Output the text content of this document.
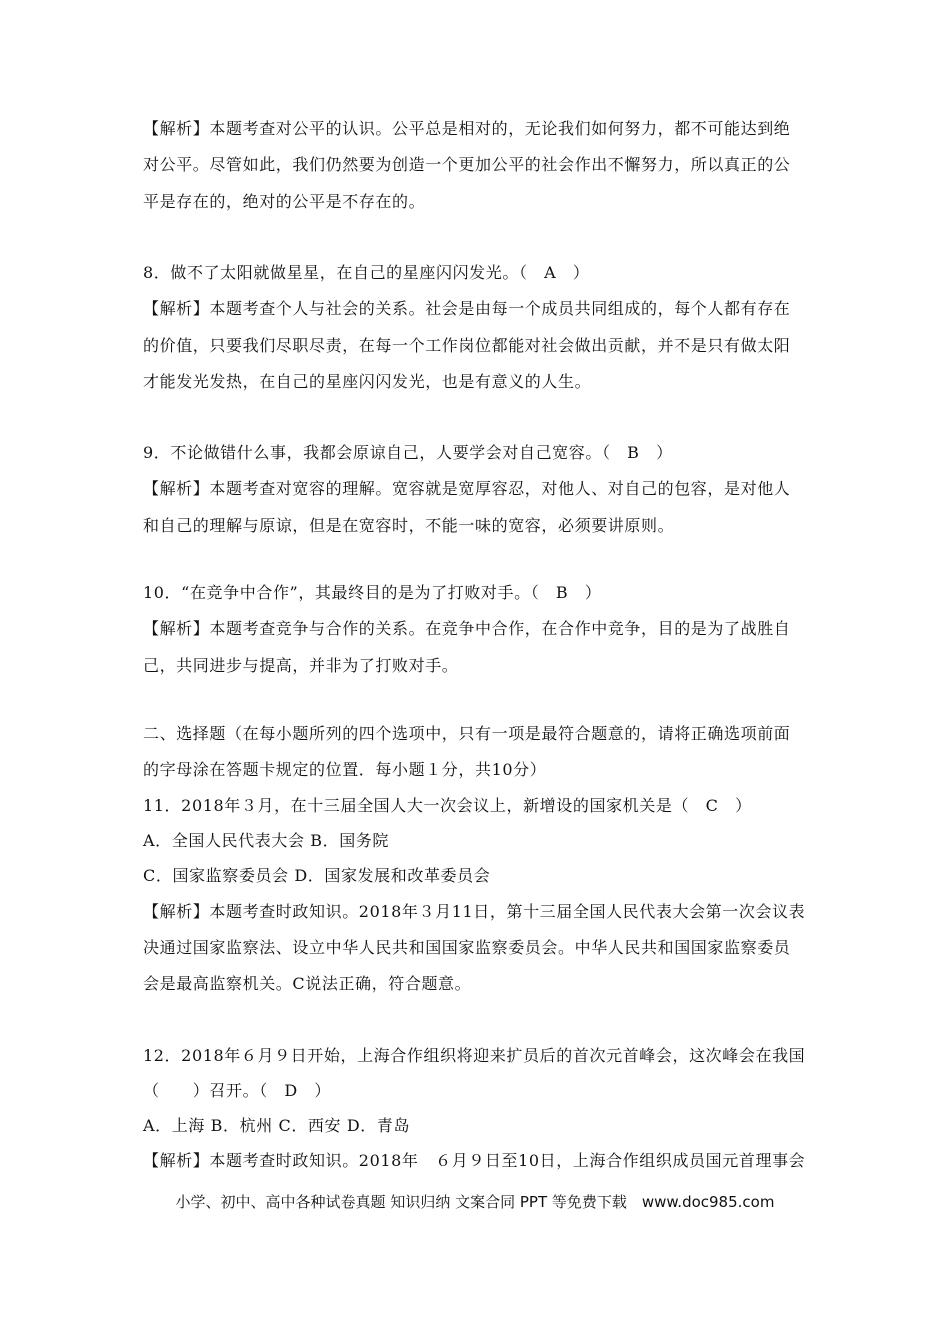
【解析】本题考查对公平的认识。公平总是相对的，无论我们如何努力，都不可能达到绝
对公平。尽管如此，我们仍然要为创造一个更加公平的社会作出不懈努力，所以真正的公
平是存在的，绝对的公平是不存在的。
8．做不了太阳就做星星，在自己的星座闪闪发光。（　A　）
【解析】本题考查个人与社会的关系。社会是由每一个成员共同组成的，每个人都有存在
的价值，只要我们尽职尽责，在每一个工作岗位都能对社会做出贡献，并不是只有做太阳
才能发光发热，在自己的星座闪闪发光，也是有意义的人生。
9．不论做错什么事，我都会原谅自己，人要学会对自己宽容。（　B　）
【解析】本题考查对宽容的理解。宽容就是宽厚容忍，对他人、对自己的包容，是对他人
和自己的理解与原谅，但是在宽容时，不能一味的宽容，必须要讲原则。
10．“在竞争中合作”，其最终目的是为了打败对手。（　B　）
【解析】本题考查竞争与合作的关系。在竞争中合作，在合作中竞争，目的是为了战胜自
己，共同进步与提高，并非为了打败对手。
二、选择题（在每小题所列的四个选项中，只有一项是最符合题意的，请将正确选项前面
的字母涂在答题卡规定的位置．每小题１分，共10分）
11．2018年３月，在十三届全国人大一次会议上，新增设的国家机关是（　C　）
A．全国人民代表大会 B．国务院
C．国家监察委员会 D．国家发展和改革委员会
【解析】本题考查时政知识。2018年３月11日，第十三届全国人民代表大会第一次会议表
决通过国家监察法、设立中华人民共和国国家监察委员会。中华人民共和国国家监察委员
会是最高监察机关。C说法正确，符合题意。
12．2018年６月９日开始，上海合作组织将迎来扩员后的首次元首峰会，这次峰会在我国
（　　）召开。（　D　）
A．上海 B．杭州 C．西安 D．青岛
【解析】本题考查时政知识。2018年　６月９日至10日，上海合作组织成员国元首理事会
小学、初中、高中各种试卷真题 知识归纳 文案合同 PPT 等免费下载　www.doc985.com
